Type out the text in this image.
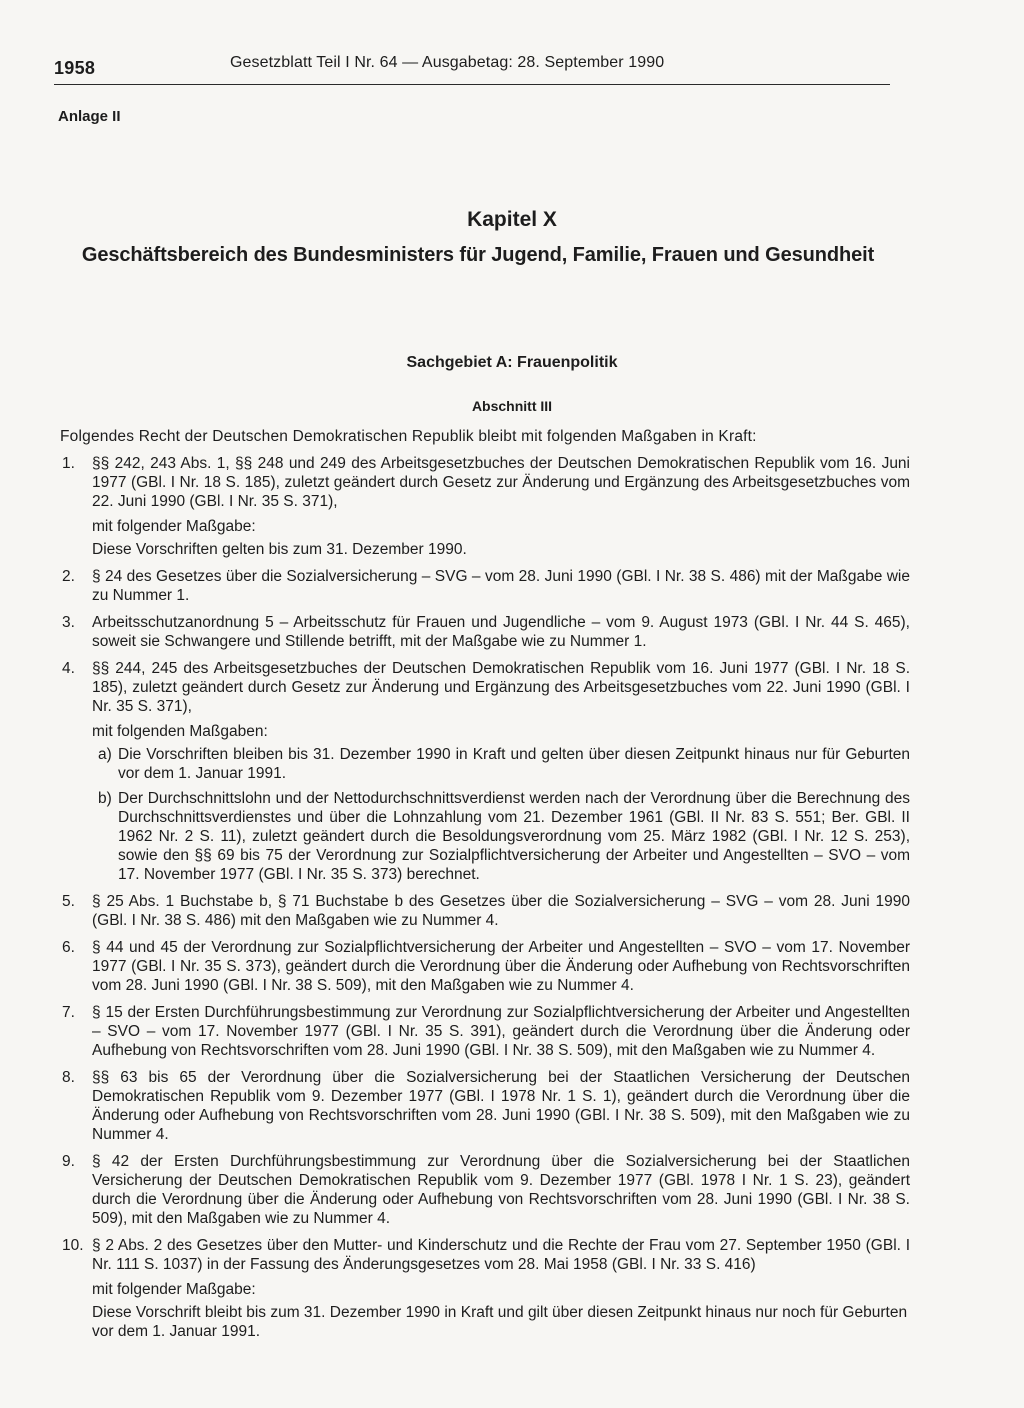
1958	Gesetzblatt Teil I Nr. 64 — Ausgabetag: 28. September 1990
Anlage II
Kapitel X
Geschäftsbereich des Bundesministers für Jugend, Familie, Frauen und Gesundheit
Sachgebiet A: Frauenpolitik
Abschnitt III
Folgendes Recht der Deutschen Demokratischen Republik bleibt mit folgenden Maßgaben in Kraft:
1.	§§ 242, 243 Abs. 1, §§ 248 und 249 des Arbeitsgesetzbuches der Deutschen Demokratischen Republik vom 16. Juni 1977 (GBl. I Nr. 18 S. 185), zuletzt geändert durch Gesetz zur Änderung und Ergänzung des Arbeitsgesetzbuches vom 22. Juni 1990 (GBl. I Nr. 35 S. 371),
mit folgender Maßgabe:
Diese Vorschriften gelten bis zum 31. Dezember 1990.
2.	§ 24 des Gesetzes über die Sozialversicherung – SVG – vom 28. Juni 1990 (GBl. I Nr. 38 S. 486) mit der Maßgabe wie zu Nummer 1.
3.	Arbeitsschutzanordnung 5 – Arbeitsschutz für Frauen und Jugendliche – vom 9. August 1973 (GBl. I Nr. 44 S. 465), soweit sie Schwangere und Stillende betrifft, mit der Maßgabe wie zu Nummer 1.
4.	§§ 244, 245 des Arbeitsgesetzbuches der Deutschen Demokratischen Republik vom 16. Juni 1977 (GBl. I Nr. 18 S. 185), zuletzt geändert durch Gesetz zur Änderung und Ergänzung des Arbeitsgesetzbuches vom 22. Juni 1990 (GBl. I Nr. 35 S. 371),
mit folgenden Maßgaben:
a) Die Vorschriften bleiben bis 31. Dezember 1990 in Kraft und gelten über diesen Zeitpunkt hinaus nur für Geburten vor dem 1. Januar 1991.
b) Der Durchschnittslohn und der Nettodurchschnittsverdienst werden nach der Verordnung über die Berechnung des Durchschnittsverdienstes und über die Lohnzahlung vom 21. Dezember 1961 (GBl. II Nr. 83 S. 551; Ber. GBl. II 1962 Nr. 2 S. 11), zuletzt geändert durch die Besoldungsverordnung vom 25. März 1982 (GBl. I Nr. 12 S. 253), sowie den §§ 69 bis 75 der Verordnung zur Sozialpflichtversicherung der Arbeiter und Angestellten – SVO – vom 17. November 1977 (GBl. I Nr. 35 S. 373) berechnet.
5.	§ 25 Abs. 1 Buchstabe b, § 71 Buchstabe b des Gesetzes über die Sozialversicherung – SVG – vom 28. Juni 1990 (GBl. I Nr. 38 S. 486) mit den Maßgaben wie zu Nummer 4.
6.	§ 44 und 45 der Verordnung zur Sozialpflichtversicherung der Arbeiter und Angestellten – SVO – vom 17. November 1977 (GBl. I Nr. 35 S. 373), geändert durch die Verordnung über die Änderung oder Aufhebung von Rechtsvorschriften vom 28. Juni 1990 (GBl. I Nr. 38 S. 509), mit den Maßgaben wie zu Nummer 4.
7.	§ 15 der Ersten Durchführungsbestimmung zur Verordnung zur Sozialpflichtversicherung der Arbeiter und Angestellten – SVO – vom 17. November 1977 (GBl. I Nr. 35 S. 391), geändert durch die Verordnung über die Änderung oder Aufhebung von Rechtsvorschriften vom 28. Juni 1990 (GBl. I Nr. 38 S. 509), mit den Maßgaben wie zu Nummer 4.
8.	§§ 63 bis 65 der Verordnung über die Sozialversicherung bei der Staatlichen Versicherung der Deutschen Demokratischen Republik vom 9. Dezember 1977 (GBl. I 1978 Nr. 1 S. 1), geändert durch die Verordnung über die Änderung oder Aufhebung von Rechtsvorschriften vom 28. Juni 1990 (GBl. I Nr. 38 S. 509), mit den Maßgaben wie zu Nummer 4.
9.	§ 42 der Ersten Durchführungsbestimmung zur Verordnung über die Sozialversicherung bei der Staatlichen Versicherung der Deutschen Demokratischen Republik vom 9. Dezember 1977 (GBl. 1978 I Nr. 1 S. 23), geändert durch die Verordnung über die Änderung oder Aufhebung von Rechtsvorschriften vom 28. Juni 1990 (GBl. I Nr. 38 S. 509), mit den Maßgaben wie zu Nummer 4.
10. § 2 Abs. 2 des Gesetzes über den Mutter- und Kinderschutz und die Rechte der Frau vom 27. September 1950 (GBl. I Nr. 111 S. 1037) in der Fassung des Änderungsgesetzes vom 28. Mai 1958 (GBl. I Nr. 33 S. 416)
mit folgender Maßgabe:
Diese Vorschrift bleibt bis zum 31. Dezember 1990 in Kraft und gilt über diesen Zeitpunkt hinaus nur noch für Geburten vor dem 1. Januar 1991.
